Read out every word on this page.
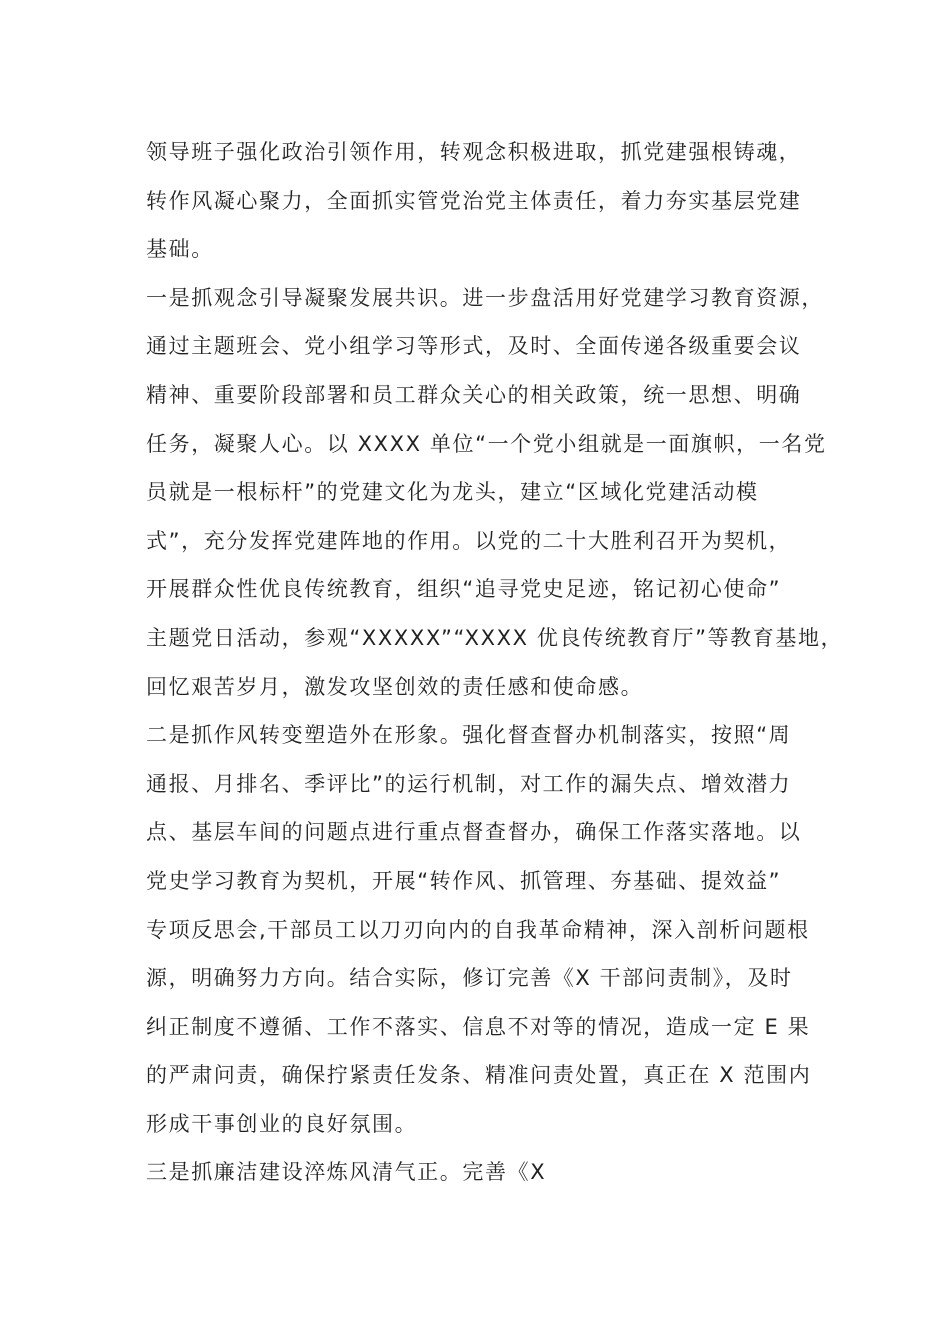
领导班子强化政治引领作用，转观念积极进取，抓党建强根铸魂，
转作风凝心聚力，全面抓实管党治党主体责任，着力夯实基层党建
基础。
一是抓观念引导凝聚发展共识。进一步盘活用好党建学习教育资源，
通过主题班会、党小组学习等形式，及时、全面传递各级重要会议
精神、重要阶段部署和员工群众关心的相关政策，统一思想、明确
任务，凝聚人心。以 XXXX 单位“一个党小组就是一面旗帜，一名党
员就是一根标杆”的党建文化为龙头，建立“区域化党建活动模
式”，充分发挥党建阵地的作用。以党的二十大胜利召开为契机，
开展群众性优良传统教育，组织“追寻党史足迹，铭记初心使命”
主题党日活动，参观“XXXXX”“XXXX 优良传统教育厅”等教育基地，
回忆艰苦岁月，激发攻坚创效的责任感和使命感。
二是抓作风转变塑造外在形象。强化督查督办机制落实，按照“周
通报、月排名、季评比”的运行机制，对工作的漏失点、增效潜力
点、基层车间的问题点进行重点督查督办，确保工作落实落地。以
党史学习教育为契机，开展“转作风、抓管理、夯基础、提效益”
专项反思会,干部员工以刀刃向内的自我革命精神，深入剖析问题根
源，明确努力方向。结合实际，修订完善《X 干部问责制》，及时
纠正制度不遵循、工作不落实、信息不对等的情况，造成一定 E 果
的严肃问责，确保拧紧责任发条、精准问责处置，真正在 X 范围内
形成干事创业的良好氛围。
三是抓廉洁建设淬炼风清气正。完善《X
